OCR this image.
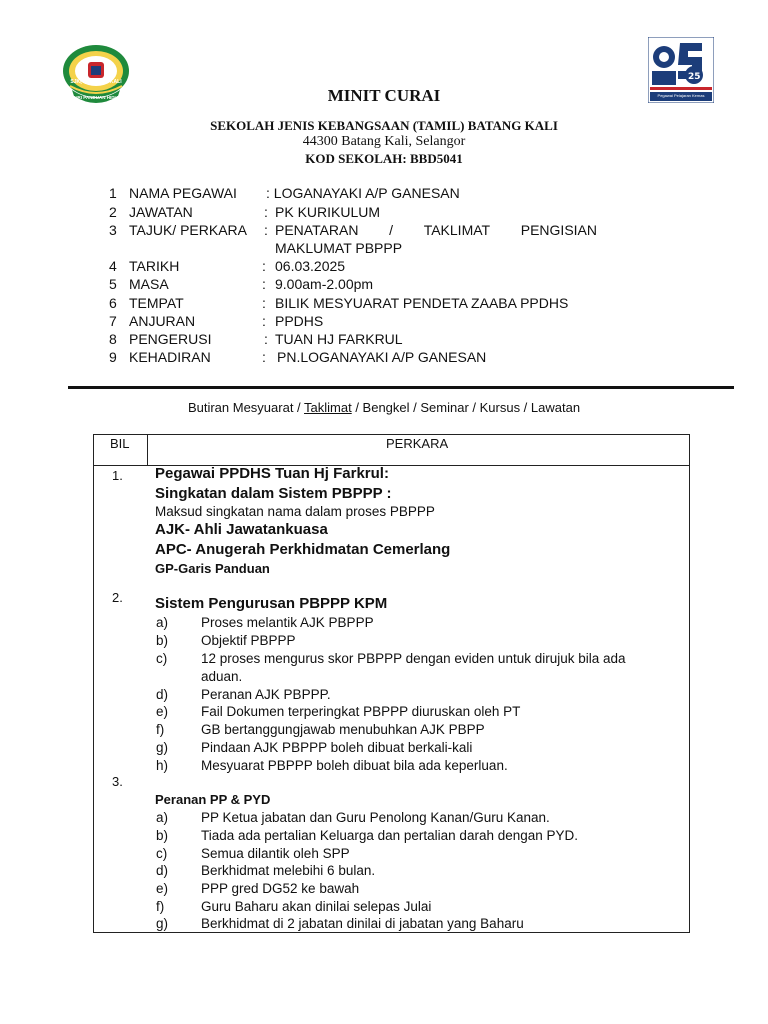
SJK(T) BATANG KALI
SURI PANDUAN HIDUP
25
Pegawai Pelajaran Kemas
MINIT CURAI
SEKOLAH JENIS KEBANGSAAN (TAMIL) BATANG KALI
44300 Batang Kali, Selangor
KOD SEKOLAH: BBD5041
1 NAMA PEGAWAI : LOGANAYAKI A/P GANESAN
2 JAWATAN	: PK KURIKULUM
3 TAJUK/ PERKARA : PENATARAN / TAKLIMAT PENGISIAN
MAKLUMAT PBPPP
4 TARIKH	: 06.03.2025
5 MASA	: 9.00am-2.00pm
6 TEMPAT	: BILIK MESYUARAT PENDETA ZAABA PPDHS
7 ANJURAN	: PPDHS
8 PENGERUSI	: TUAN HJ FARKRUL
9 KEHADIRAN	: PN.LOGANAYAKI A/P GANESAN
Butiran Mesyuarat / Taklimat / Bengkel / Seminar / Kursus / Lawatan
BIL	PERKARA
1. Pegawai PPDHS Tuan Hj Farkrul:
Singkatan dalam Sistem PBPPP :
Maksud singkatan nama dalam proses PBPPP
AJK- Ahli Jawatankuasa
APC- Anugerah Perkhidmatan Cemerlang
GP-Garis Panduan
2. Sistem Pengurusan PBPPP KPM
a) Proses melantik AJK PBPPP
b) Objektif PBPPP
c)	12 proses mengurus skor PBPPP dengan eviden untuk dirujuk bila ada
aduan.
d) Peranan AJK PBPPP.
e) Fail Dokumen terperingkat PBPPP diuruskan oleh PT
f)	GB bertanggungjawab menubuhkan AJK PBPP
g) Pindaan AJK PBPPP boleh dibuat berkali-kali
h) Mesyuarat PBPPP boleh dibuat bila ada keperluan.
3.
Peranan PP & PYD
a) PP Ketua jabatan dan Guru Penolong Kanan/Guru Kanan.
b) Tiada ada pertalian Keluarga dan pertalian darah dengan PYD.
c)	Semua dilantik oleh SPP
d) Berkhidmat melebihi 6 bulan.
e) PPP gred DG52 ke bawah
f)	Guru Baharu akan dinilai selepas Julai
g) Berkhidmat di 2 jabatan dinilai di jabatan yang Baharu
